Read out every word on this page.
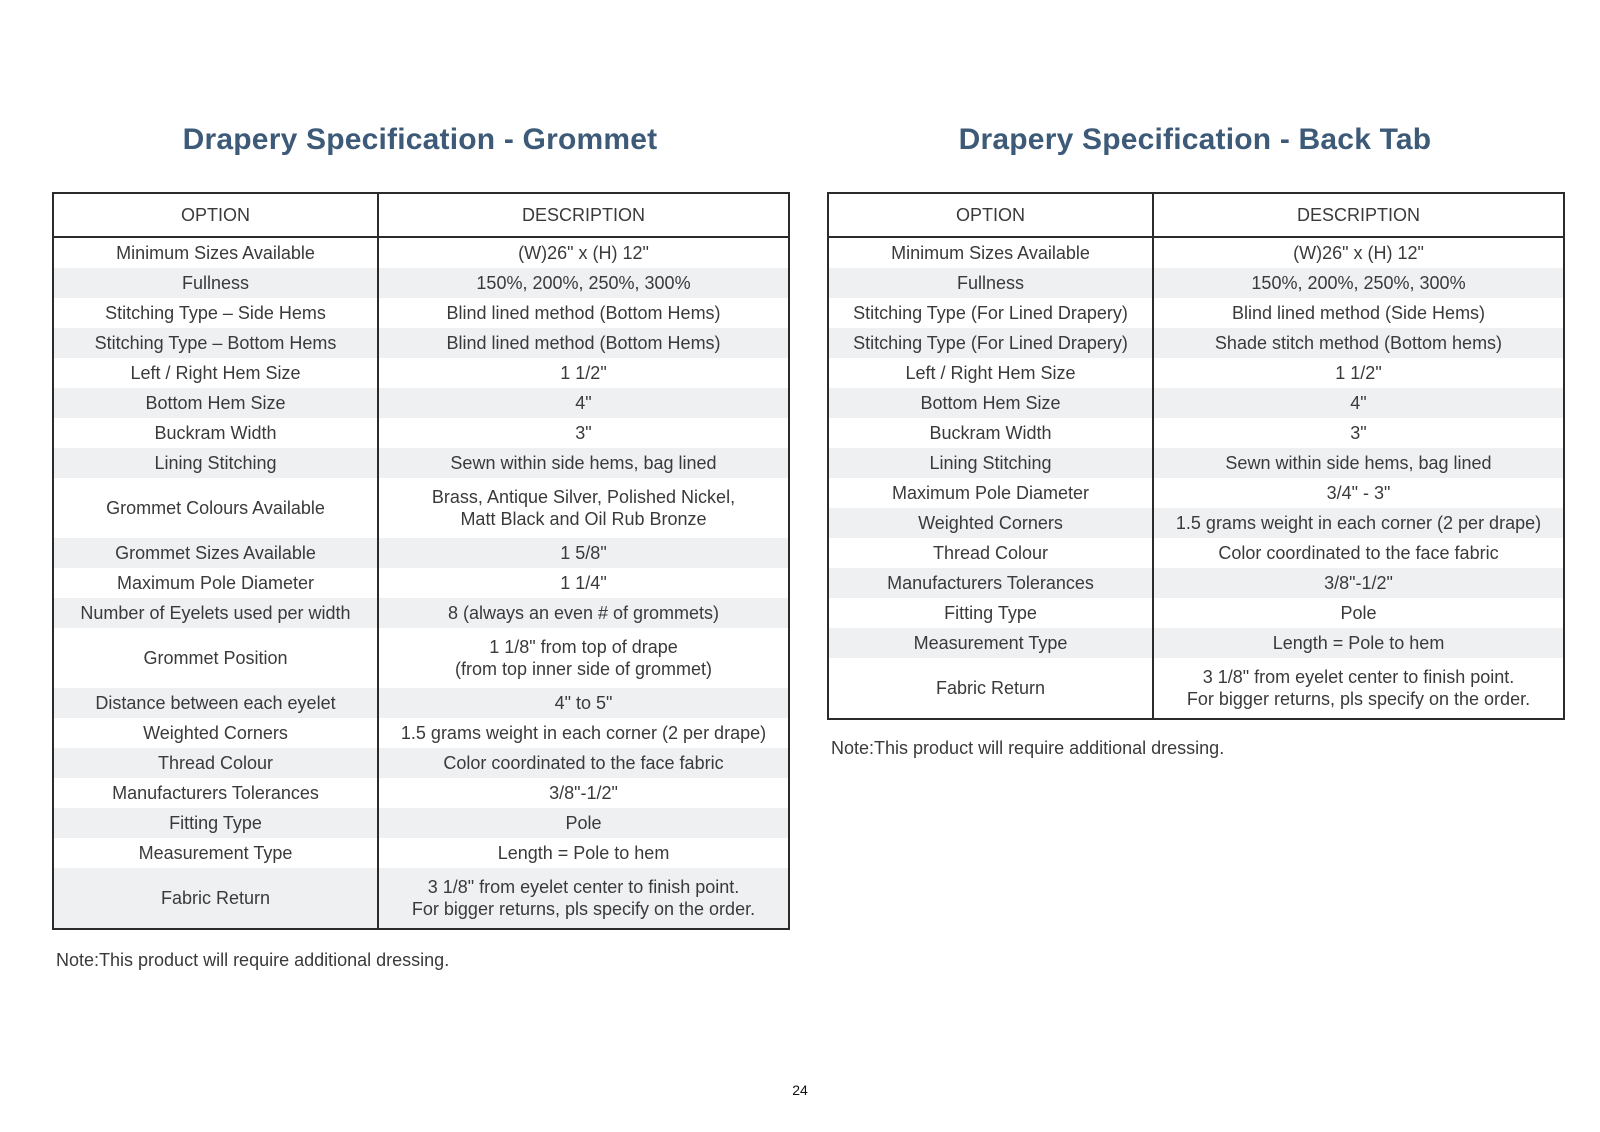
Drapery Specification - Grommet
OPTION	DESCRIPTION
Minimum Sizes Available	(W)26" x (H) 12"
Fullness	150%, 200%, 250%, 300%
Stitching Type – Side Hems	Blind lined method (Bottom Hems)
Stitching Type – Bottom Hems	Blind lined method (Bottom Hems)
Left / Right Hem Size	1 1/2"
Bottom Hem Size	4"
Buckram Width	3"
Lining Stitching	Sewn within side hems, bag lined
Grommet Colours Available	Brass, Antique Silver, Polished Nickel,
Matt Black and Oil Rub Bronze
Grommet Sizes Available	1 5/8"
Maximum Pole Diameter	1 1/4"
Number of Eyelets used per width	8 (always an even # of grommets)
Grommet Position	1 1/8" from top of drape
(from top inner side of grommet)
Distance between each eyelet	4" to 5"
Weighted Corners	1.5 grams weight in each corner (2 per drape)
Thread Colour	Color coordinated to the face fabric
Manufacturers Tolerances	3/8"-1/2"
Fitting Type	Pole
Measurement Type	Length = Pole to hem
Fabric Return	3 1/8" from eyelet center to finish point.
For bigger returns, pls specify on the order.
Note:This product will require additional dressing.
Drapery Specification - Back Tab
OPTION	DESCRIPTION
Minimum Sizes Available	(W)26" x (H) 12"
Fullness	150%, 200%, 250%, 300%
Stitching Type (For Lined Drapery)	Blind lined method (Side Hems)
Stitching Type (For Lined Drapery)	Shade stitch method (Bottom hems)
Left / Right Hem Size	1 1/2"
Bottom Hem Size	4"
Buckram Width	3"
Lining Stitching	Sewn within side hems, bag lined
Maximum Pole Diameter	3/4" - 3"
Weighted Corners	1.5 grams weight in each corner (2 per drape)
Thread Colour	Color coordinated to the face fabric
Manufacturers Tolerances	3/8"-1/2"
Fitting Type	Pole
Measurement Type	Length = Pole to hem
Fabric Return	3 1/8" from eyelet center to finish point.
For bigger returns, pls specify on the order.
Note:This product will require additional dressing.
24
